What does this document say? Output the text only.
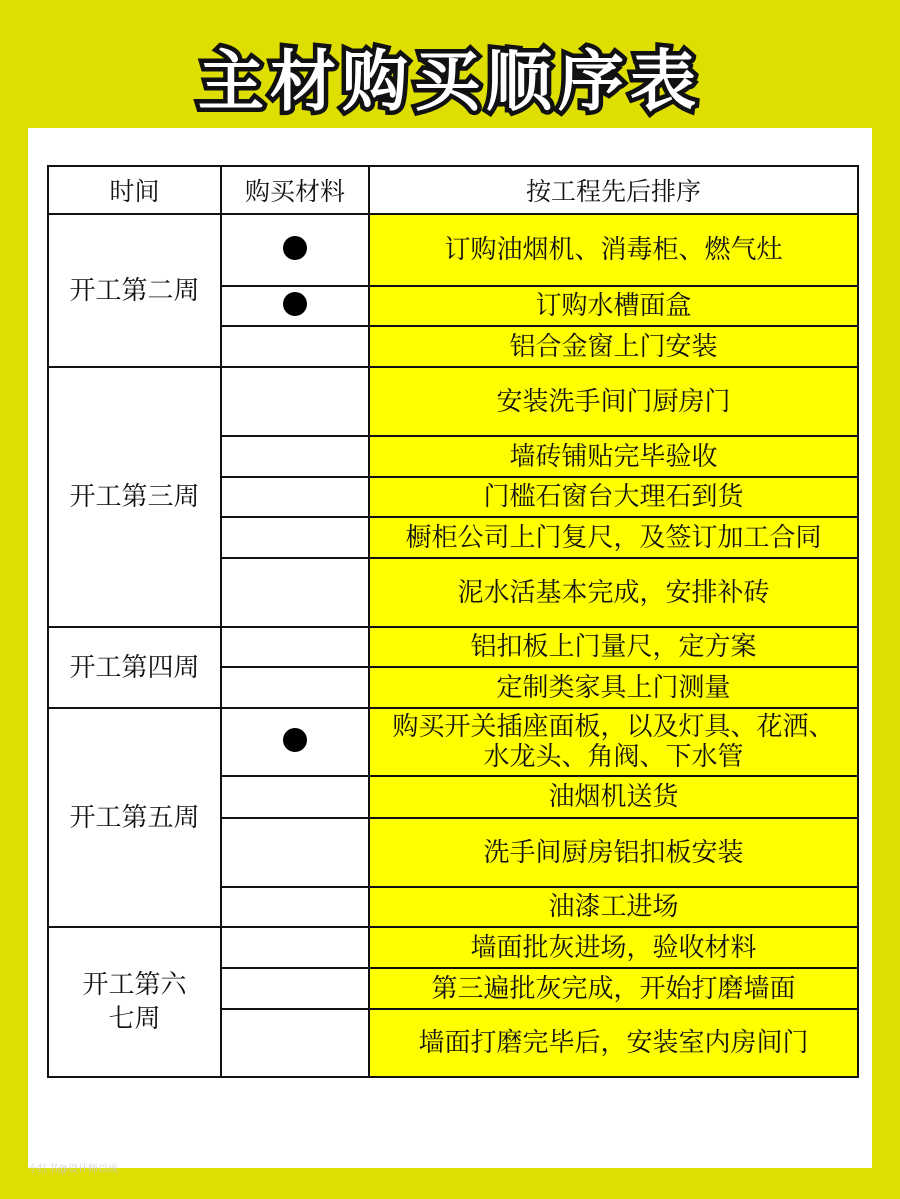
主材购买顺序表
时间	购买材料	按工程先后排序
开工第二周		订购油烟机、消毒柜、燃气灶
		订购水槽面盒
		铝合金窗上门安装
开工第三周		安装洗手间门厨房门
		墙砖铺贴完毕验收
		门槛石窗台大理石到货
		橱柜公司上门复尺，及签订加工合同
		泥水活基本完成，安排补砖
开工第四周		铝扣板上门量尺，定方案
		定制类家具上门测量
开工第五周		购买开关插座面板，以及灯具、花洒、水龙头、角阀、下水管
		油烟机送货
		洗手间厨房铝扣板安装
		油漆工进场
开工第六七周		墙面批灰进场，验收材料
		第三遍批灰完成，开始打磨墙面
		墙面打磨完毕后，安装室内房间门
小红书@设计师以成
